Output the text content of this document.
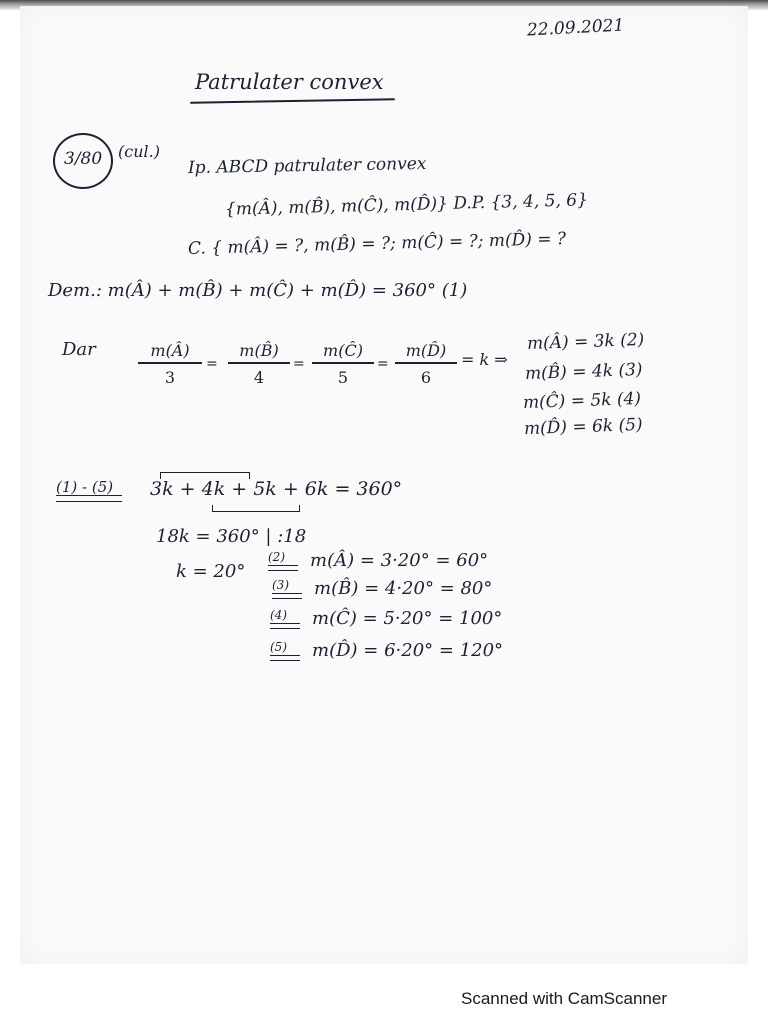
22.09.2021
Patrulater convex
3/80 (cul.)
Ip. ABCD patrulater convex
C. { m(Â) = ?, m(B̂) = ?; m(Ĉ) = ?; m(D̂) = ?
{m(Â), m(B̂), m(Ĉ), m(D̂)} D.P. {3, 4, 5, 6}
Dem.: m(Â) + m(B̂) + m(Ĉ) + m(D̂) = 360° (1)
Dar	m(Â)
3
=
m(B̂)
4
=
m(Ĉ)
5
=
m(D̂)
6
= k ⇒
m(Â) = 3k (2)
m(B̂) = 4k (3)
m(Ĉ) = 5k (4)
m(D̂) = 6k (5)
(1) - (5) 3k + 4k + 5k + 6k = 360°
18k = 360° | :18
k = 20°
(2) m(Â) = 3·20° = 60°
(3) m(B̂) = 4·20° = 80°
(4) m(Ĉ) = 5·20° = 100°
(5) m(D̂) = 6·20° = 120°
Scanned with CamScanner
